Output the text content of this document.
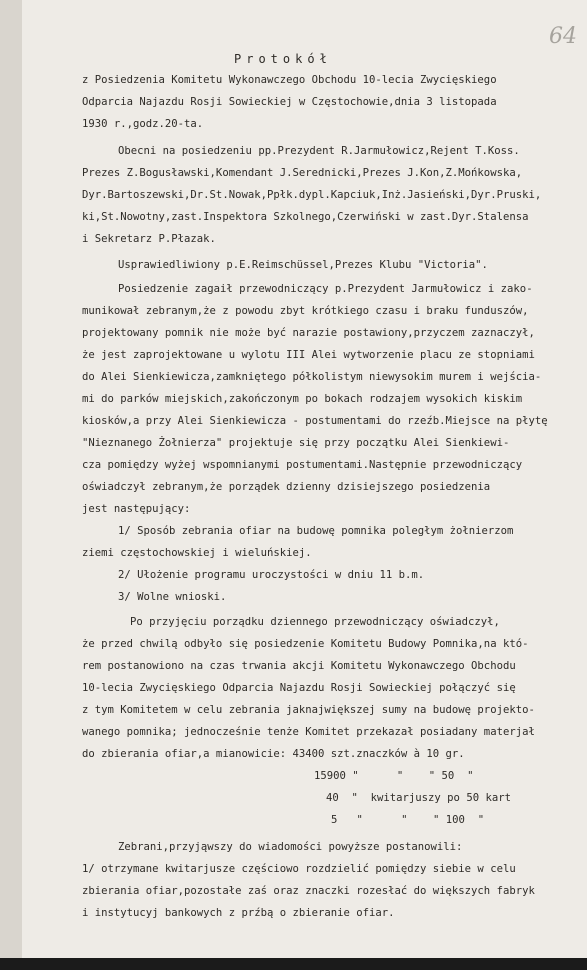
64
Protokół
z Posiedzenia Komitetu Wykonawczego Obchodu 10-lecia Zwycięskiego
Odparcia Najazdu Rosji Sowieckiej w Częstochowie,dnia 3 listopada
1930 r.,godz.20-ta.
Obecni na posiedzeniu pp.Prezydent R.Jarmułowicz,Rejent T.Koss.
Prezes Z.Bogusławski,Komendant J.Serednicki,Prezes J.Kon,Z.Mońkowska,
Dyr.Bartoszewski,Dr.St.Nowak,Ppłk.dypl.Kapciuk,Inż.Jasieński,Dyr.Pruski,
ki,St.Nowotny,zast.Inspektora Szkolnego,Czerwiński w zast.Dyr.Stalensa
i Sekretarz P.Płazak.
Usprawiedliwiony p.E.Reimschüssel,Prezes Klubu "Victoria".
Posiedzenie zagaił przewodniczący p.Prezydent Jarmułowicz i zako-
munikował zebranym,że z powodu zbyt krótkiego czasu i braku funduszów,
projektowany pomnik nie może być narazie postawiony,przyczem zaznaczył,
że jest zaprojektowane u wylotu III Alei wytworzenie placu ze stopniami
do Alei Sienkiewicza,zamkniętego półkolistym niewysokim murem i wejścia-
mi do parków miejskich,zakończonym po bokach rodzajem wysokich kiskim
kiosków,a przy Alei Sienkiewicza - postumentami do rzeźb.Miejsce na płytę
"Nieznanego Żołnierza" projektuje się przy początku Alei Sienkiewi-
cza pomiędzy wyżej wspomnianymi postumentami.Następnie przewodniczący
oświadczył zebranym,że porządek dzienny dzisiejszego posiedzenia
jest następujący:
1/ Sposób zebrania ofiar na budowę pomnika poległym żołnierzom
ziemi częstochowskiej i wieluńskiej.
2/ Ułożenie programu uroczystości w dniu 11 b.m.
3/ Wolne wnioski.
Po przyjęciu porządku dziennego przewodniczący oświadczył,
że przed chwilą odbyło się posiedzenie Komitetu Budowy Pomnika,na któ-
rem postanowiono na czas trwania akcji Komitetu Wykonawczego Obchodu
10-lecia Zwycięskiego Odparcia Najazdu Rosji Sowieckiej połączyć się
z tym Komitetem w celu zebrania jaknajwiększej sumy na budowę projekto-
wanego pomnika; jednocześnie tenże Komitet przekazał posiadany materjał
do zbierania ofiar,a mianowicie: 43400 szt.znaczków à 10 gr.
15900 "      "    " 50  "
40  "  kwitarjuszy po 50 kart
5   "      "    " 100  "
Zebrani,przyjąwszy do wiadomości powyższe postanowili:
1/ otrzymane kwitarjusze częściowo rozdzielić pomiędzy siebie w celu
zbierania ofiar,pozostałe zaś oraz znaczki rozesłać do większych fabryk
i instytucyj bankowych z prźbą o zbieranie ofiar.
